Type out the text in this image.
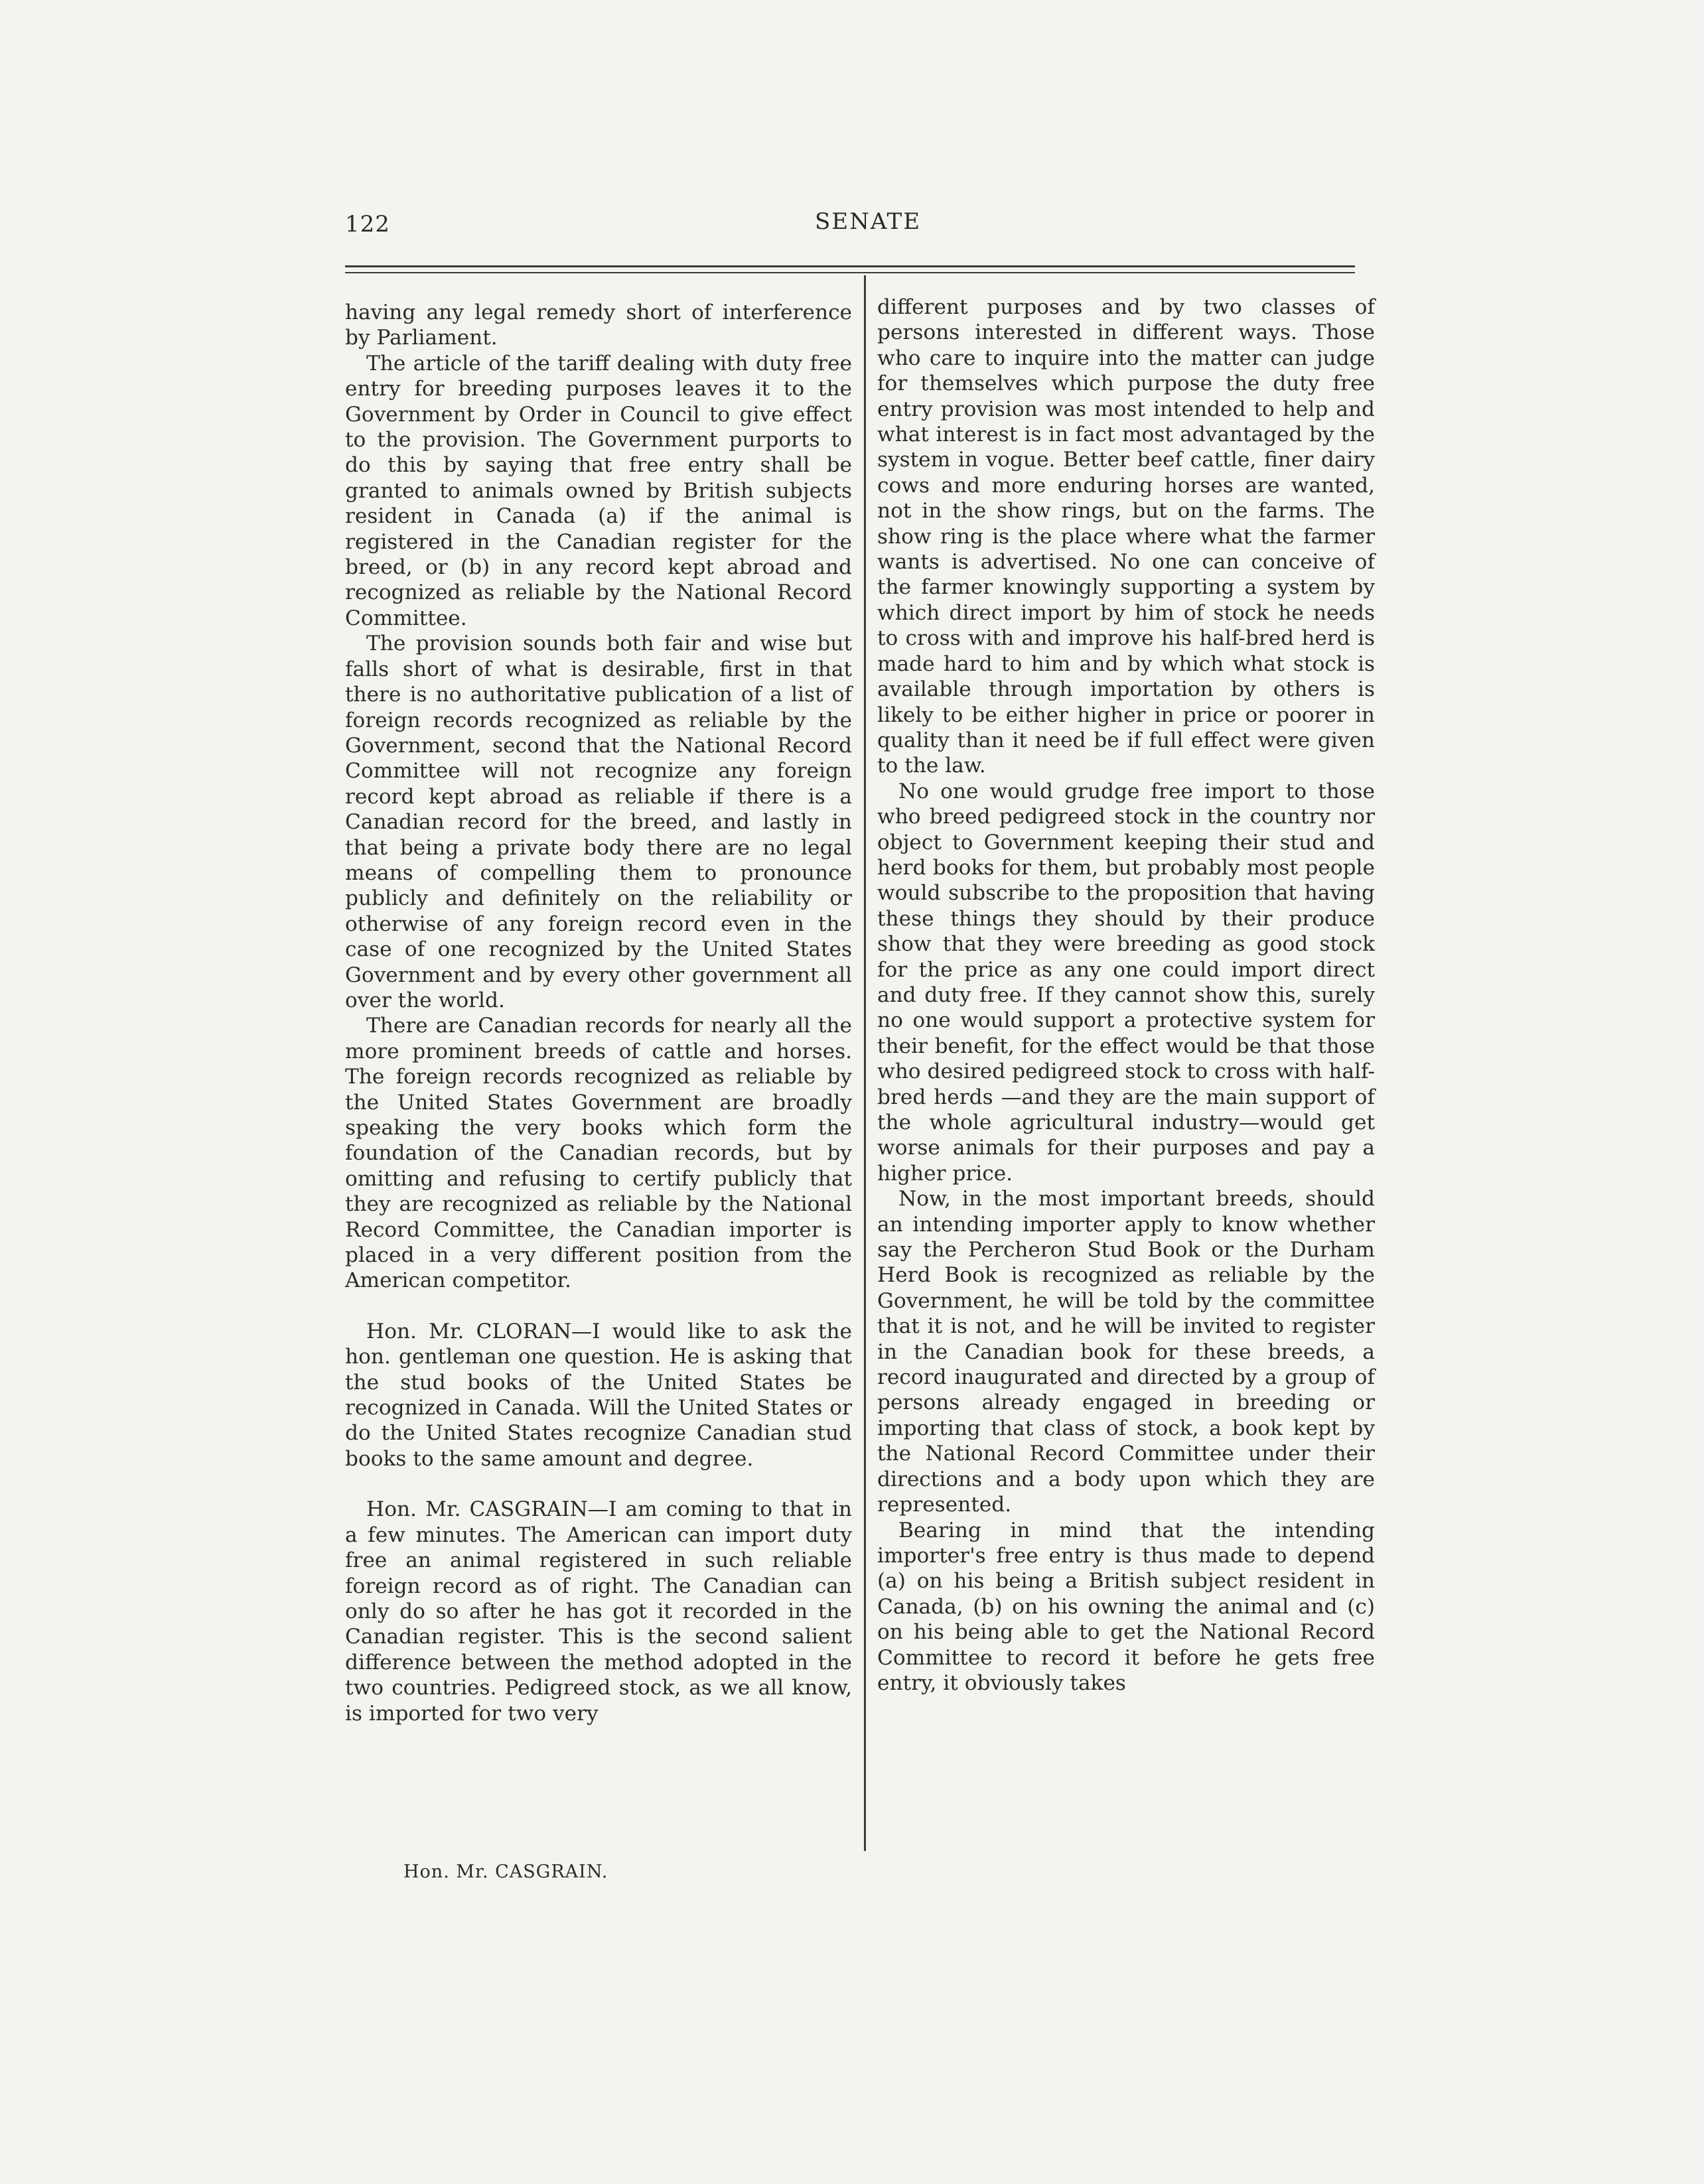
122	SENATE

having any legal remedy short of interference by Parliament.

The article of the tariff dealing with duty free entry for breeding purposes leaves it to the Government by Order in Council to give effect to the provision. The Government purports to do this by saying that free entry shall be granted to animals owned by British subjects resident in Canada (a) if the animal is registered in the Canadian register for the breed, or (b) in any record kept abroad and recognized as reliable by the National Record Committee.

The provision sounds both fair and wise but falls short of what is desirable, first in that there is no authoritative publication of a list of foreign records recognized as reliable by the Government, second that the National Record Committee will not recognize any foreign record kept abroad as reliable if there is a Canadian record for the breed, and lastly in that being a private body there are no legal means of compelling them to pronounce publicly and definitely on the reliability or otherwise of any foreign record even in the case of one recognized by the United States Government and by every other government all over the world.

There are Canadian records for nearly all the more prominent breeds of cattle and horses. The foreign records recognized as reliable by the United States Government are broadly speaking the very books which form the foundation of the Canadian records, but by omitting and refusing to certify publicly that they are recognized as reliable by the National Record Committee, the Canadian importer is placed in a very different position from the American competitor.

Hon. Mr. CLORAN—I would like to ask the hon. gentleman one question. He is asking that the stud books of the United States be recognized in Canada. Will the United States or do the United States recognize Canadian stud books to the same amount and degree.

Hon. Mr. CASGRAIN—I am coming to that in a few minutes. The American can import duty free an animal registered in such reliable foreign record as of right. The Canadian can only do so after he has got it recorded in the Canadian register. This is the second salient difference between the method adopted in the two countries. Pedigreed stock, as we all know, is imported for two very

different purposes and by two classes of persons interested in different ways. Those who care to inquire into the matter can judge for themselves which purpose the duty free entry provision was most intended to help and what interest is in fact most advantaged by the system in vogue. Better beef cattle, finer dairy cows and more enduring horses are wanted, not in the show rings, but on the farms. The show ring is the place where what the farmer wants is advertised. No one can conceive of the farmer knowingly supporting a system by which direct import by him of stock he needs to cross with and improve his half-bred herd is made hard to him and by which what stock is available through importation by others is likely to be either higher in price or poorer in quality than it need be if full effect were given to the law.

No one would grudge free import to those who breed pedigreed stock in the country nor object to Government keeping their stud and herd books for them, but probably most people would subscribe to the proposition that having these things they should by their produce show that they were breeding as good stock for the price as any one could import direct and duty free. If they cannot show this, surely no one would support a protective system for their benefit, for the effect would be that those who desired pedigreed stock to cross with half-bred herds —and they are the main support of the whole agricultural industry—would get worse animals for their purposes and pay a higher price.

Now, in the most important breeds, should an intending importer apply to know whether say the Percheron Stud Book or the Durham Herd Book is recognized as reliable by the Government, he will be told by the committee that it is not, and he will be invited to register in the Canadian book for these breeds, a record inaugurated and directed by a group of persons already engaged in breeding or importing that class of stock, a book kept by the National Record Committee under their directions and a body upon which they are represented.

Bearing in mind that the intending importer's free entry is thus made to depend (a) on his being a British subject resident in Canada, (b) on his owning the animal and (c) on his being able to get the National Record Committee to record it before he gets free entry, it obviously takes

Hon. Mr. CASGRAIN.
